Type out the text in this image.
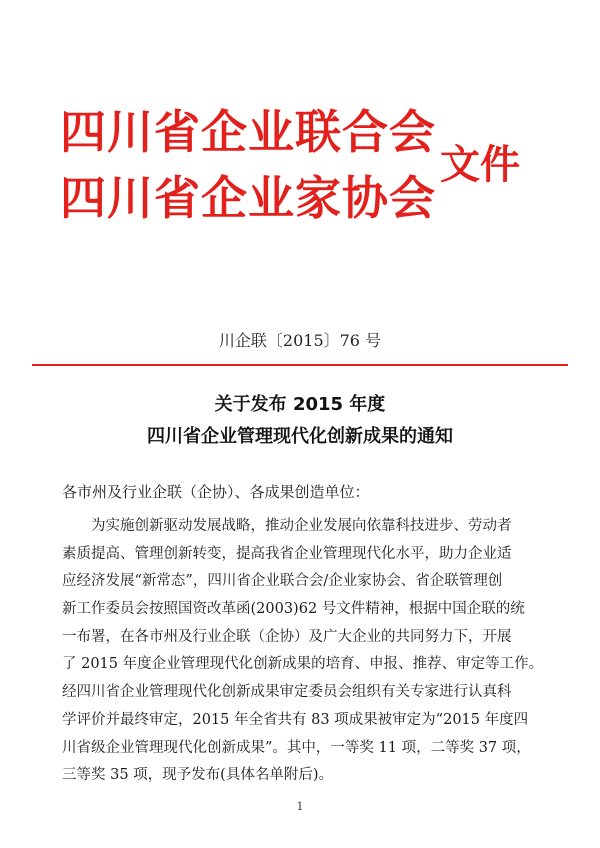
四川省企业联合会
四川省企业家协会
文件
川企联〔2015〕76 号
关于发布 2015 年度
四川省企业管理现代化创新成果的通知
各市州及行业企联（企协）、各成果创造单位：
为实施创新驱动发展战略，推动企业发展向依靠科技进步、劳动者
素质提高、管理创新转变，提高我省企业管理现代化水平，助力企业适
应经济发展“新常态”，四川省企业联合会/企业家协会、省企联管理创
新工作委员会按照国资改革函(2003)62 号文件精神，根据中国企联的统
一布署，在各市州及行业企联（企协）及广大企业的共同努力下，开展
了 2015 年度企业管理现代化创新成果的培育、申报、推荐、审定等工作。
经四川省企业管理现代化创新成果审定委员会组织有关专家进行认真科
学评价并最终审定，2015 年全省共有 83 项成果被审定为“2015 年度四
川省级企业管理现代化创新成果”。其中，一等奖 11 项，二等奖 37 项，
三等奖 35 项，现予发布(具体名单附后)。
1
